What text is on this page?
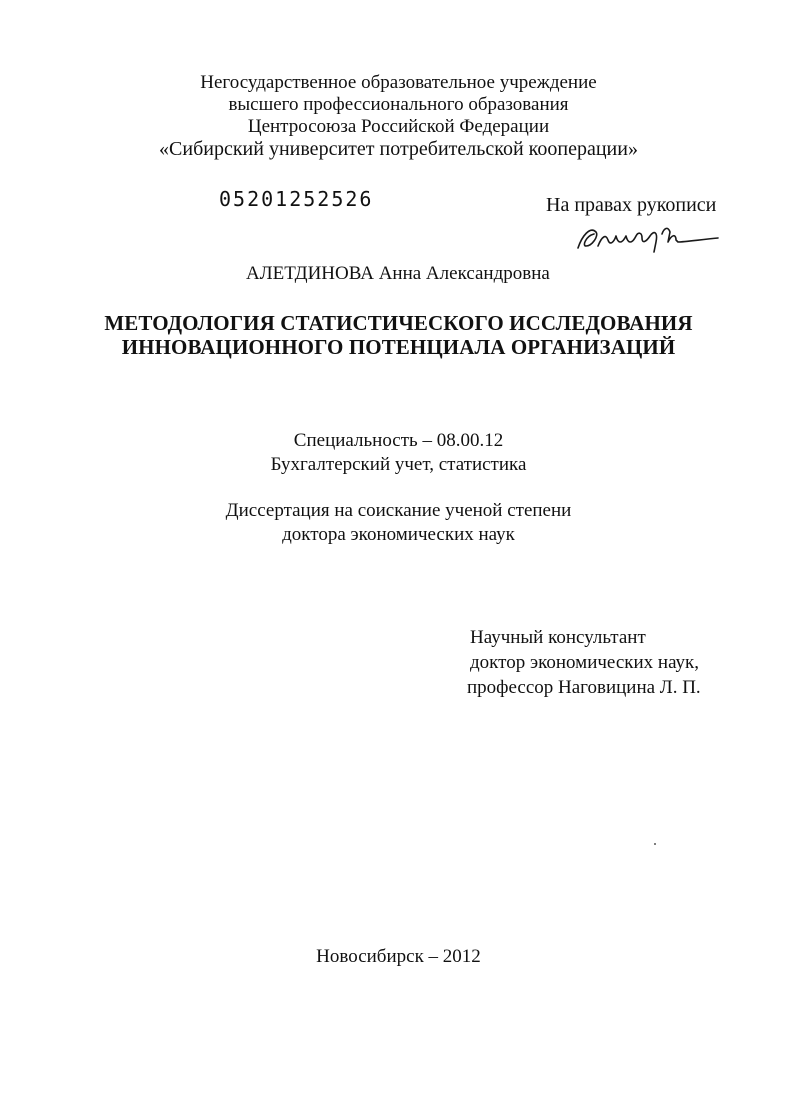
Негосударственное образовательное учреждение
высшего профессионального образования
Центросоюза Российской Федерации
«Сибирский университет потребительской кооперации»
05201252526	На правах рукописи
АЛЕТДИНОВА Анна Александровна
МЕТОДОЛОГИЯ СТАТИСТИЧЕСКОГО ИССЛЕДОВАНИЯ
ИННОВАЦИОННОГО ПОТЕНЦИАЛА ОРГАНИЗАЦИЙ
Специальность – 08.00.12
Бухгалтерский учет, статистика
Диссертация на соискание ученой степени
доктора экономических наук
Научный консультант
доктор экономических наук,
профессор Наговицина Л. П.
Новосибирск – 2012
